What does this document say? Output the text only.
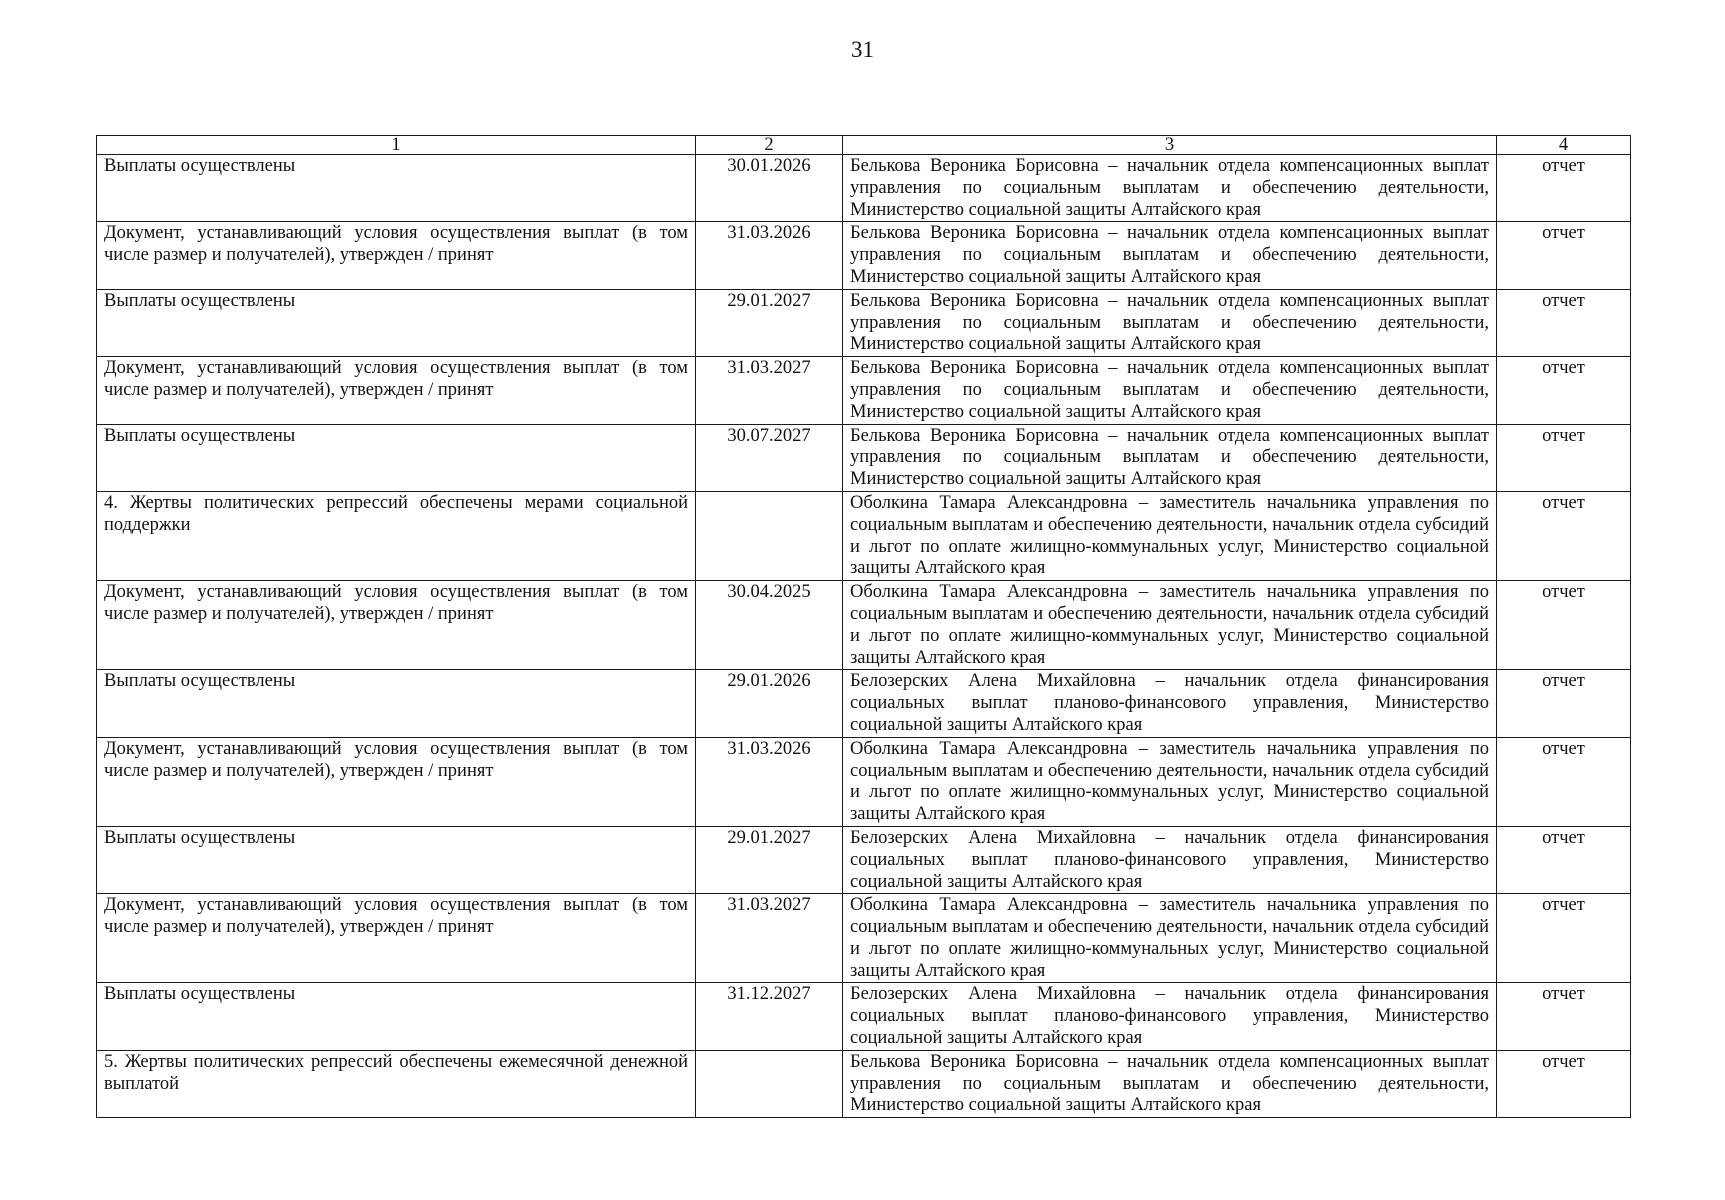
31
1	2	3	4
Выплаты осуществлены	30.01.2026	Белькова Вероника Борисовна – начальник отдела компенсационных выплат управления по социальным выплатам и обеспечению деятельности, Министерство социальной защиты Алтайского края	отчет
Документ, устанавливающий условия осуществления выплат (в том числе размер и получателей), утвержден / принят	31.03.2026	Белькова Вероника Борисовна – начальник отдела компенсационных выплат управления по социальным выплатам и обеспечению деятельности, Министерство социальной защиты Алтайского края	отчет
Выплаты осуществлены	29.01.2027	Белькова Вероника Борисовна – начальник отдела компенсационных выплат управления по социальным выплатам и обеспечению деятельности, Министерство социальной защиты Алтайского края	отчет
Документ, устанавливающий условия осуществления выплат (в том числе размер и получателей), утвержден / принят	31.03.2027	Белькова Вероника Борисовна – начальник отдела компенсационных выплат управления по социальным выплатам и обеспечению деятельности, Министерство социальной защиты Алтайского края	отчет
Выплаты осуществлены	30.07.2027	Белькова Вероника Борисовна – начальник отдела компенсационных выплат управления по социальным выплатам и обеспечению деятельности, Министерство социальной защиты Алтайского края	отчет
4. Жертвы политических репрессий обеспечены мерами социальной поддержки		Оболкина Тамара Александровна – заместитель начальника управления по социальным выплатам и обеспечению деятельности, начальник отдела субсидий и льгот по оплате жилищно-коммунальных услуг, Министерство социальной защиты Алтайского края	отчет
Документ, устанавливающий условия осуществления выплат (в том числе размер и получателей), утвержден / принят	30.04.2025	Оболкина Тамара Александровна – заместитель начальника управления по социальным выплатам и обеспечению деятельности, начальник отдела субсидий и льгот по оплате жилищно-коммунальных услуг, Министерство социальной защиты Алтайского края	отчет
Выплаты осуществлены	29.01.2026	Белозерских Алена Михайловна – начальник отдела финансирования социальных выплат планово-финансового управления, Министерство социальной защиты Алтайского края	отчет
Документ, устанавливающий условия осуществления выплат (в том числе размер и получателей), утвержден / принят	31.03.2026	Оболкина Тамара Александровна – заместитель начальника управления по социальным выплатам и обеспечению деятельности, начальник отдела субсидий и льгот по оплате жилищно-коммунальных услуг, Министерство социальной защиты Алтайского края	отчет
Выплаты осуществлены	29.01.2027	Белозерских Алена Михайловна – начальник отдела финансирования социальных выплат планово-финансового управления, Министерство социальной защиты Алтайского края	отчет
Документ, устанавливающий условия осуществления выплат (в том числе размер и получателей), утвержден / принят	31.03.2027	Оболкина Тамара Александровна – заместитель начальника управления по социальным выплатам и обеспечению деятельности, начальник отдела субсидий и льгот по оплате жилищно-коммунальных услуг, Министерство социальной защиты Алтайского края	отчет
Выплаты осуществлены	31.12.2027	Белозерских Алена Михайловна – начальник отдела финансирования социальных выплат планово-финансового управления, Министерство социальной защиты Алтайского края	отчет
5. Жертвы политических репрессий обеспечены ежемесячной денежной выплатой		Белькова Вероника Борисовна – начальник отдела компенсационных выплат управления по социальным выплатам и обеспечению деятельности, Министерство социальной защиты Алтайского края	отчет
